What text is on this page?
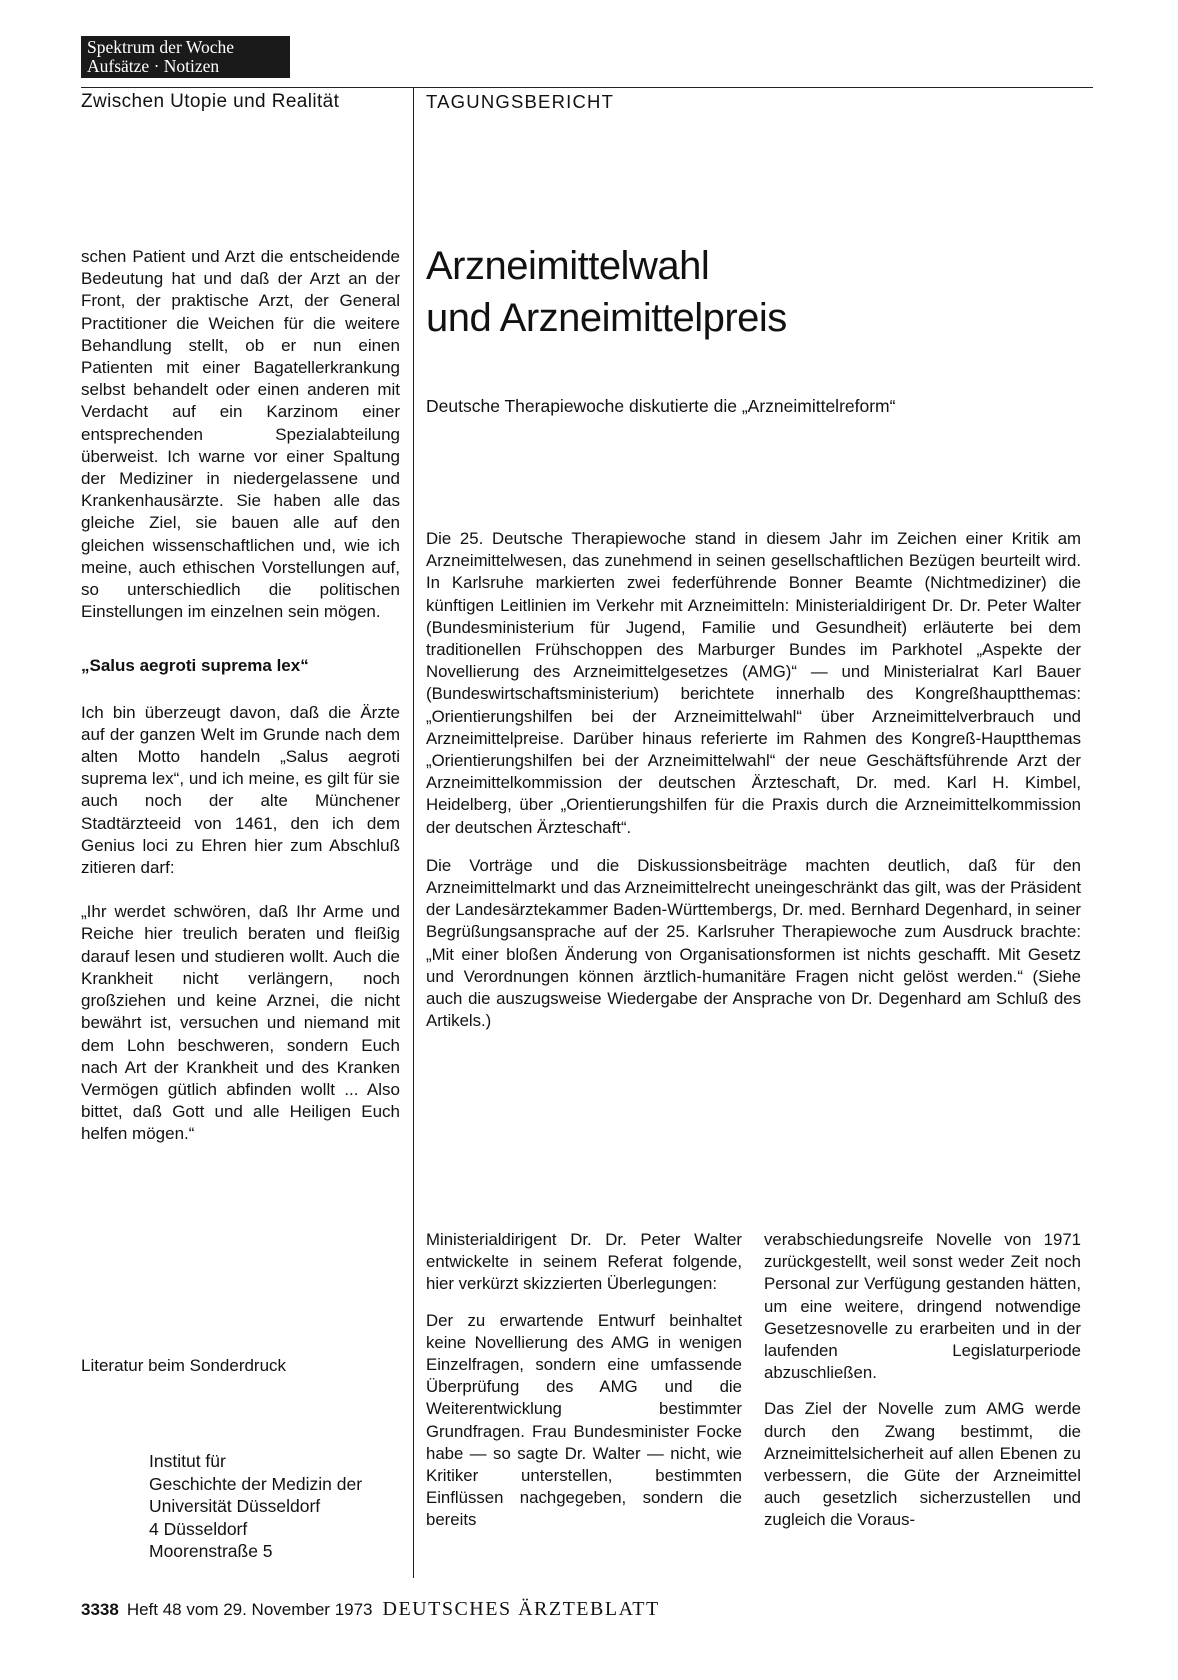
Spektrum der Woche
Aufsätze · Notizen
Zwischen Utopie und Realität	TAGUNGSBERICHT

schen Patient und Arzt die entscheidende Bedeutung hat und daß der Arzt an der Front, der praktische Arzt, der General Practitioner die Weichen für die weitere Behandlung stellt, ob er nun einen Patienten mit einer Bagatellerkrankung selbst behandelt oder einen anderen mit Verdacht auf ein Karzinom einer entsprechenden Spezialabteilung überweist. Ich warne vor einer Spaltung der Mediziner in niedergelassene und Krankenhausärzte. Sie haben alle das gleiche Ziel, sie bauen alle auf den gleichen wissenschaftlichen und, wie ich meine, auch ethischen Vorstellungen auf, so unterschiedlich die politischen Einstellungen im einzelnen sein mögen.

„Salus aegroti suprema lex“

Ich bin überzeugt davon, daß die Ärzte auf der ganzen Welt im Grunde nach dem alten Motto handeln „Salus aegroti suprema lex“, und ich meine, es gilt für sie auch noch der alte Münchener Stadtärzteeid von 1461, den ich dem Genius loci zu Ehren hier zum Abschluß zitieren darf:

„Ihr werdet schwören, daß Ihr Arme und Reiche hier treulich beraten und fleißig darauf lesen und studieren wollt. Auch die Krankheit nicht verlängern, noch großziehen und keine Arznei, die nicht bewährt ist, versuchen und niemand mit dem Lohn beschweren, sondern Euch nach Art der Krankheit und des Kranken Vermögen gütlich abfinden wollt ... Also bittet, daß Gott und alle Heiligen Euch helfen mögen.“

Literatur beim Sonderdruck
Institut für
Geschichte der Medizin der
Universität Düsseldorf
4 Düsseldorf
Moorenstraße 5
Arzneimittelwahl
und Arzneimittelpreis
Deutsche Therapiewoche diskutierte die „Arzneimittelreform“

Die 25. Deutsche Therapiewoche stand in diesem Jahr im Zeichen einer Kritik am Arzneimittelwesen, das zunehmend in seinen gesellschaftlichen Bezügen beurteilt wird. In Karlsruhe markierten zwei federführende Bonner Beamte (Nichtmediziner) die künftigen Leitlinien im Verkehr mit Arzneimitteln: Ministerialdirigent Dr. Dr. Peter Walter (Bundesministerium für Jugend, Familie und Gesundheit) erläuterte bei dem traditionellen Frühschoppen des Marburger Bundes im Parkhotel „Aspekte der Novellierung des Arzneimittelgesetzes (AMG)“ — und Ministerialrat Karl Bauer (Bundeswirtschaftsministerium) berichtete innerhalb des Kongreßhauptthemas: „Orientierungshilfen bei der Arzneimittelwahl“ über Arzneimittelverbrauch und Arzneimittelpreise. Darüber hinaus referierte im Rahmen des Kongreß-Hauptthemas „Orientierungshilfen bei der Arzneimittelwahl“ der neue Geschäftsführende Arzt der Arzneimittelkommission der deutschen Ärzteschaft, Dr. med. Karl H. Kimbel, Heidelberg, über „Orientierungshilfen für die Praxis durch die Arzneimittelkommission der deutschen Ärzteschaft“.

Die Vorträge und die Diskussionsbeiträge machten deutlich, daß für den Arzneimittelmarkt und das Arzneimittelrecht uneingeschränkt das gilt, was der Präsident der Landesärztekammer Baden-Württembergs, Dr. med. Bernhard Degenhard, in seiner Begrüßungsansprache auf der 25. Karlsruher Therapiewoche zum Ausdruck brachte: „Mit einer bloßen Änderung von Organisationsformen ist nichts geschafft. Mit Gesetz und Verordnungen können ärztlich-humanitäre Fragen nicht gelöst werden.“ (Siehe auch die auszugsweise Wiedergabe der Ansprache von Dr. Degenhard am Schluß des Artikels.)

Ministerialdirigent Dr. Dr. Peter Walter entwickelte in seinem Referat folgende, hier verkürzt skizzierten Überlegungen:

Der zu erwartende Entwurf beinhaltet keine Novellierung des AMG in wenigen Einzelfragen, sondern eine umfassende Überprüfung des AMG und die Weiterentwicklung bestimmter Grundfragen. Frau Bundesminister Focke habe — so sagte Dr. Walter — nicht, wie Kritiker unterstellen, bestimmten Einflüssen nachgegeben, sondern die bereits

verabschiedungsreife Novelle von 1971 zurückgestellt, weil sonst weder Zeit noch Personal zur Verfügung gestanden hätten, um eine weitere, dringend notwendige Gesetzesnovelle zu erarbeiten und in der laufenden Legislaturperiode abzuschließen.

Das Ziel der Novelle zum AMG werde durch den Zwang bestimmt, die Arzneimittelsicherheit auf allen Ebenen zu verbessern, die Güte der Arzneimittel auch gesetzlich sicherzustellen und zugleich die Voraus-

3338 Heft 48 vom 29. November 1973 DEUTSCHES ÄRZTEBLATT
